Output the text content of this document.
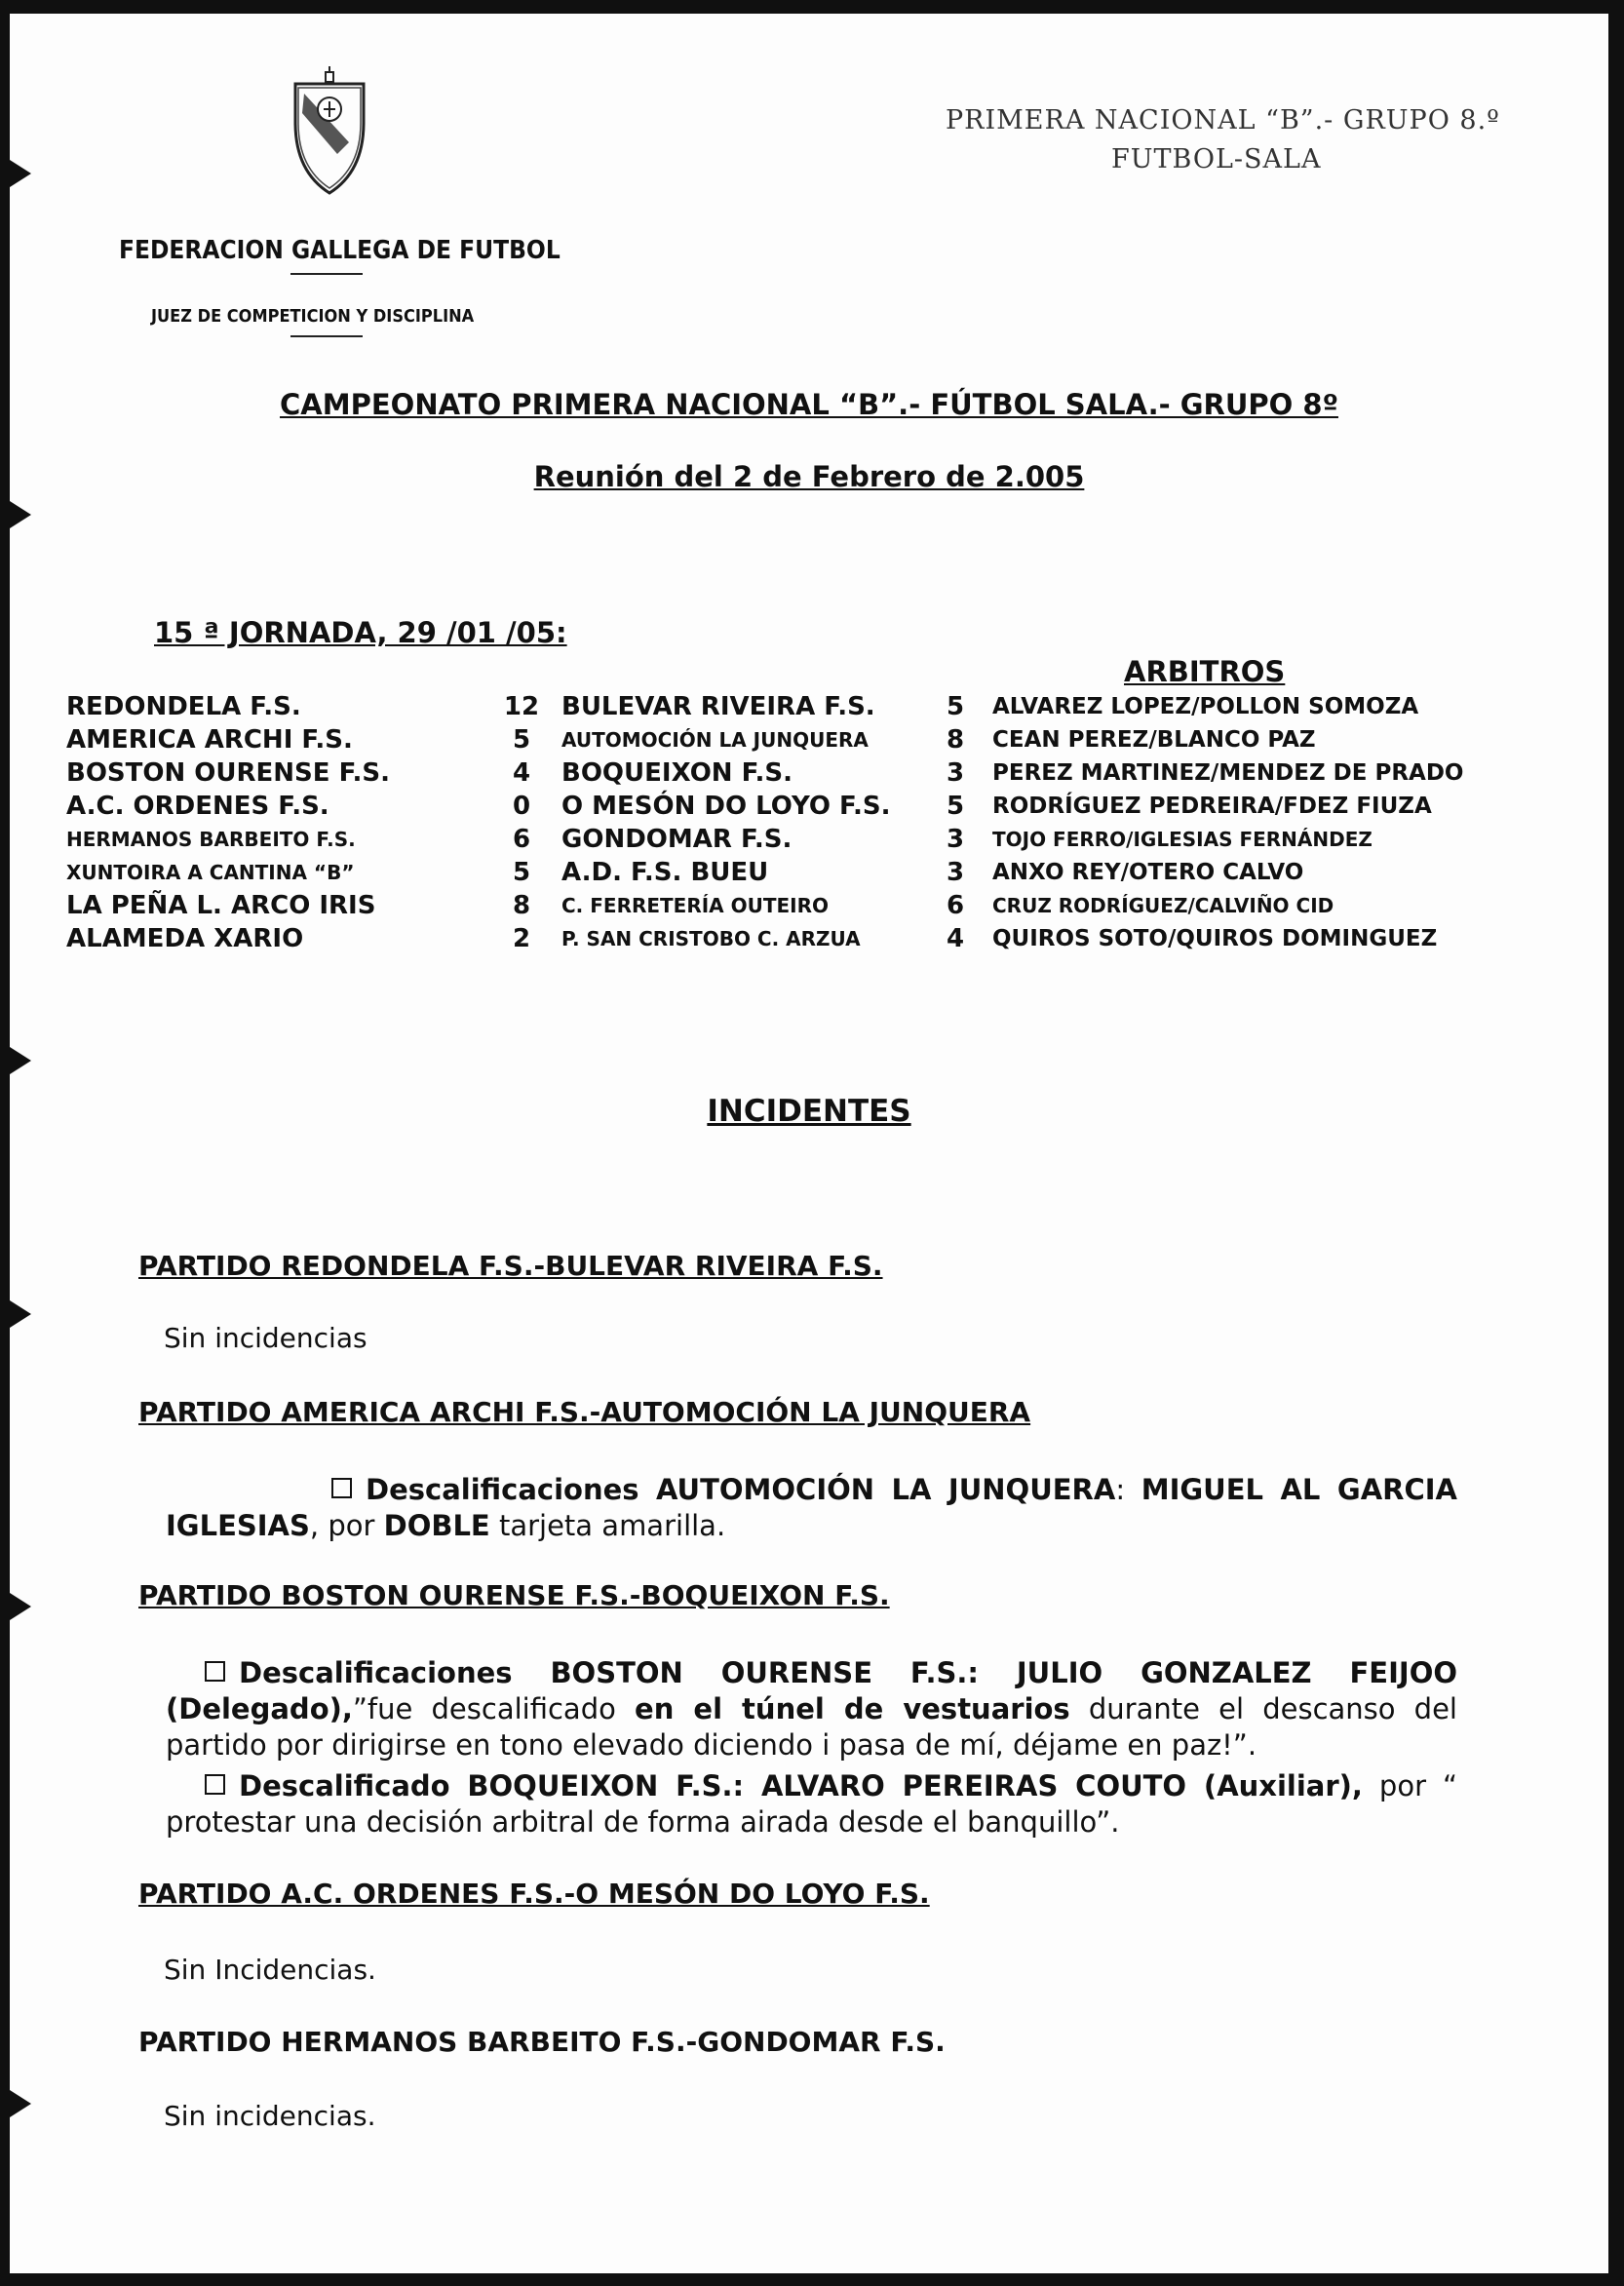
PRIMERA NACIONAL “B”.- GRUPO 8.º
FUTBOL-SALA
FEDERACION GALLEGA DE FUTBOL
JUEZ DE COMPETICION Y DISCIPLINA
CAMPEONATO PRIMERA NACIONAL “B”.- FÚTBOL SALA.- GRUPO 8º
Reunión del 2 de Febrero de 2.005
15 ª JORNADA, 29 /01 /05:
ARBITROS
REDONDELA F.S.	12 BULEVAR RIVEIRA F.S.	5 ALVAREZ LOPEZ/POLLON SOMOZA
AMERICA ARCHI F.S.	5	AUTOMOCIÓN LA JUNQUERA	8 CEAN PEREZ/BLANCO PAZ
BOSTON OURENSE F.S.	4	BOQUEIXON F.S.	3 PEREZ MARTINEZ/MENDEZ DE PRADO
A.C. ORDENES F.S.	0	O MESÓN DO LOYO F.S. 5 RODRÍGUEZ PEDREIRA/FDEZ FIUZA
HERMANOS BARBEITO F.S.	6	GONDOMAR F.S.	3 TOJO FERRO/IGLESIAS FERNÁNDEZ
XUNTOIRA A CANTINA “B”	5	A.D. F.S. BUEU	3 ANXO REY/OTERO CALVO
LA PEÑA L. ARCO IRIS	8	C. FERRETERÍA OUTEIRO	6 CRUZ RODRÍGUEZ/CALVIÑO CID
ALAMEDA XARIO	2	P. SAN CRISTOBO C. ARZUA	4 QUIROS SOTO/QUIROS DOMINGUEZ
INCIDENTES
PARTIDO REDONDELA F.S.-BULEVAR RIVEIRA F.S.
Sin incidencias
PARTIDO AMERICA ARCHI F.S.-AUTOMOCIÓN LA JUNQUERA
Descalificaciones AUTOMOCIÓN LA JUNQUERA: MIGUEL AL GARCIA IGLESIAS, por DOBLE tarjeta amarilla.
PARTIDO BOSTON OURENSE F.S.-BOQUEIXON F.S.
Descalificaciones BOSTON OURENSE F.S.: JULIO GONZALEZ FEIJOO (Delegado),”fue descalificado en el túnel de vestuarios durante el descanso del partido por dirigirse en tono elevado diciendo i pasa de mí, déjame en paz!”.
Descalificado BOQUEIXON F.S.: ALVARO PEREIRAS COUTO (Auxiliar), por “ protestar una decisión arbitral de forma airada desde el banquillo”.
PARTIDO A.C. ORDENES F.S.-O MESÓN DO LOYO F.S.
Sin Incidencias.
PARTIDO HERMANOS BARBEITO F.S.-GONDOMAR F.S.
Sin incidencias.
